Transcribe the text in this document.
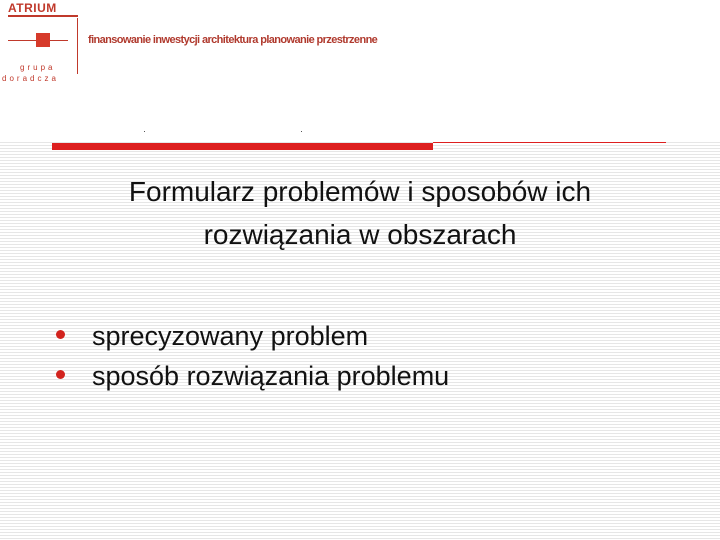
ATRIUM
grupa
doradcza
finansowanie inwestycji architektura planowanie przestrzenne
Formularz problemów i sposobów ich rozwiązania w obszarach
sprecyzowany problem
sposób rozwiązania problemu
